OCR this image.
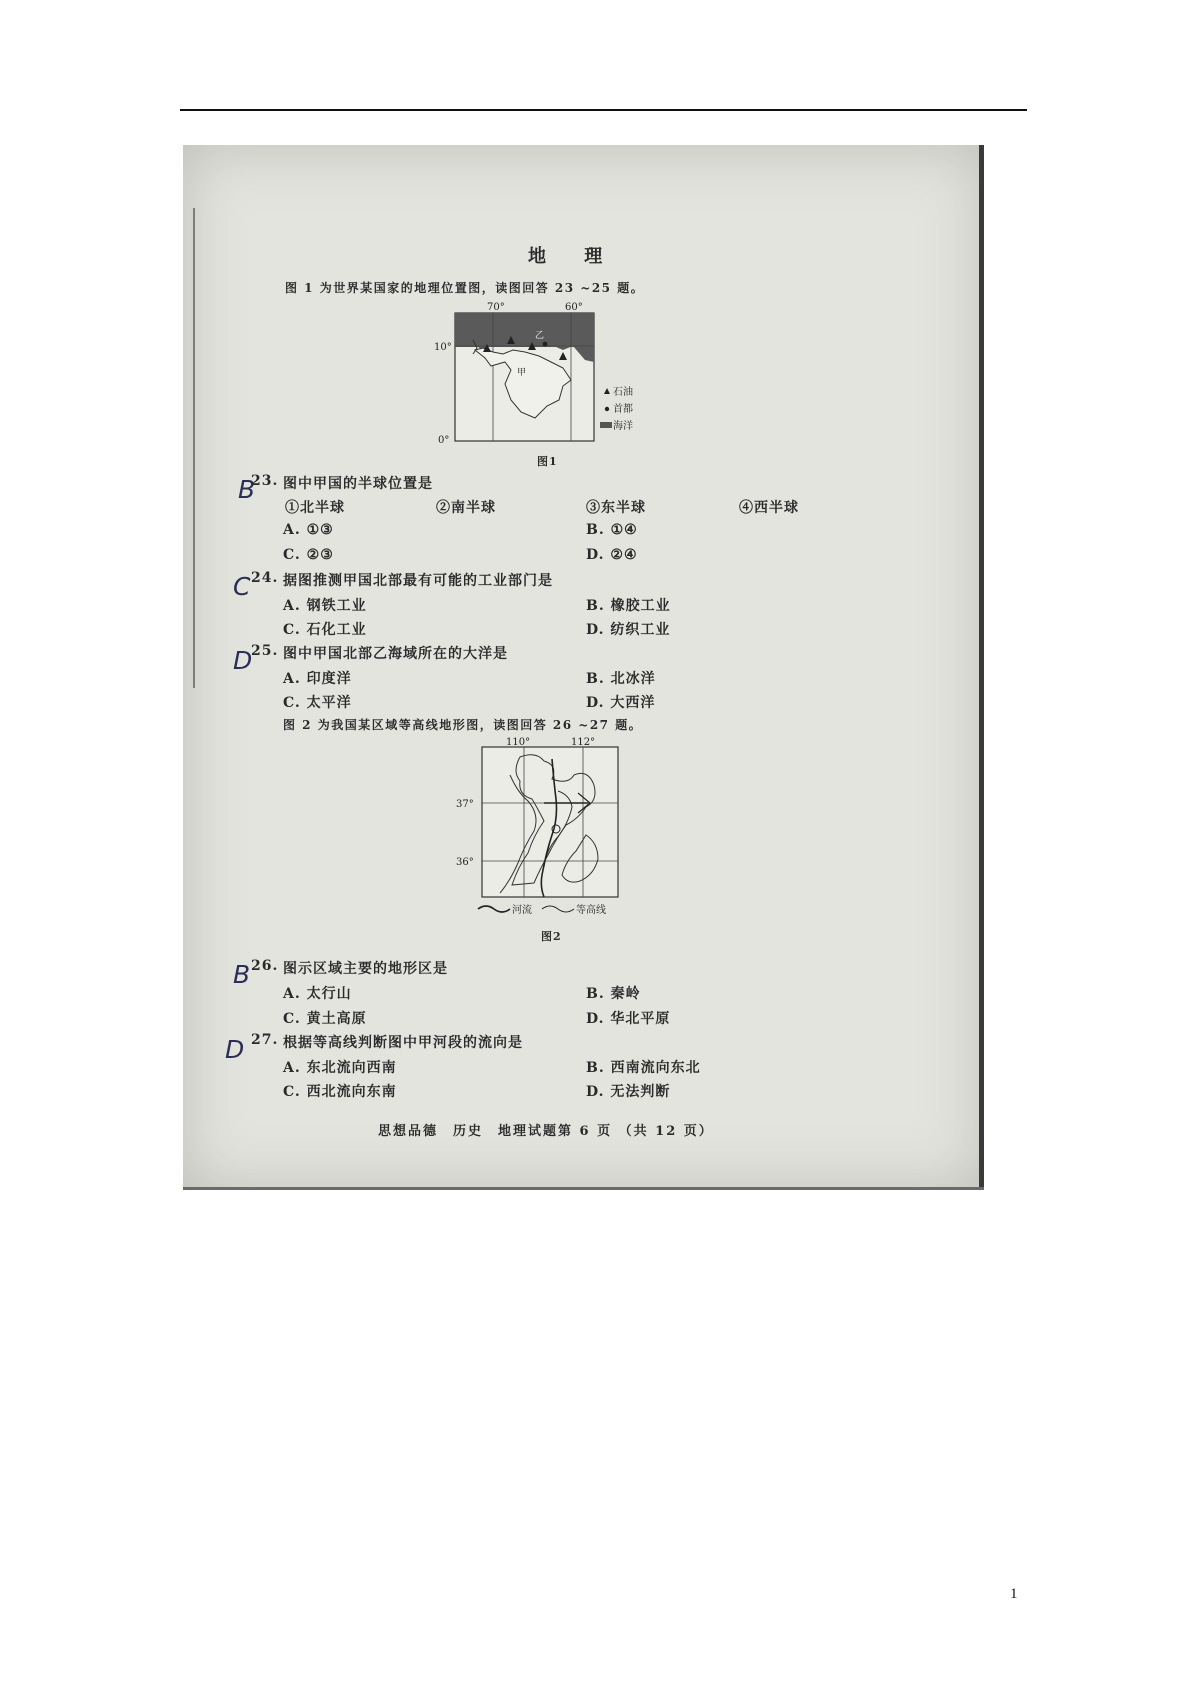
地 理
图 1 为世界某国家的地理位置图，读图回答 23 ~25 题。
乙
甲
70°	60°
10°
0°
石油
首都
海洋
图1
B
23. 图中甲国的半球位置是
①北半球	②南半球	③东半球	④西半球
A. ①③	B. ①④
C. ②③	D. ②④
C 24. 据图推测甲国北部最有可能的工业部门是
A. 钢铁工业	B. 橡胶工业
C. 石化工业	D. 纺织工业
D
25. 图中甲国北部乙海域所在的大洋是
A. 印度洋	B. 北冰洋
C. 太平洋	D. 大西洋
图 2 为我国某区域等高线地形图，读图回答 26 ~27 题。
110°	112°
37°
36°
河流	等高线
图2
B 26. 图示区域主要的地形区是
A. 太行山	B. 秦岭
C. 黄土高原	D. 华北平原
D 27. 根据等高线判断图中甲河段的流向是
A. 东北流向西南	B. 西南流向东北
C. 西北流向东南	D. 无法判断
思想品德　历史　地理试题第 6 页 （共 12 页）
1
